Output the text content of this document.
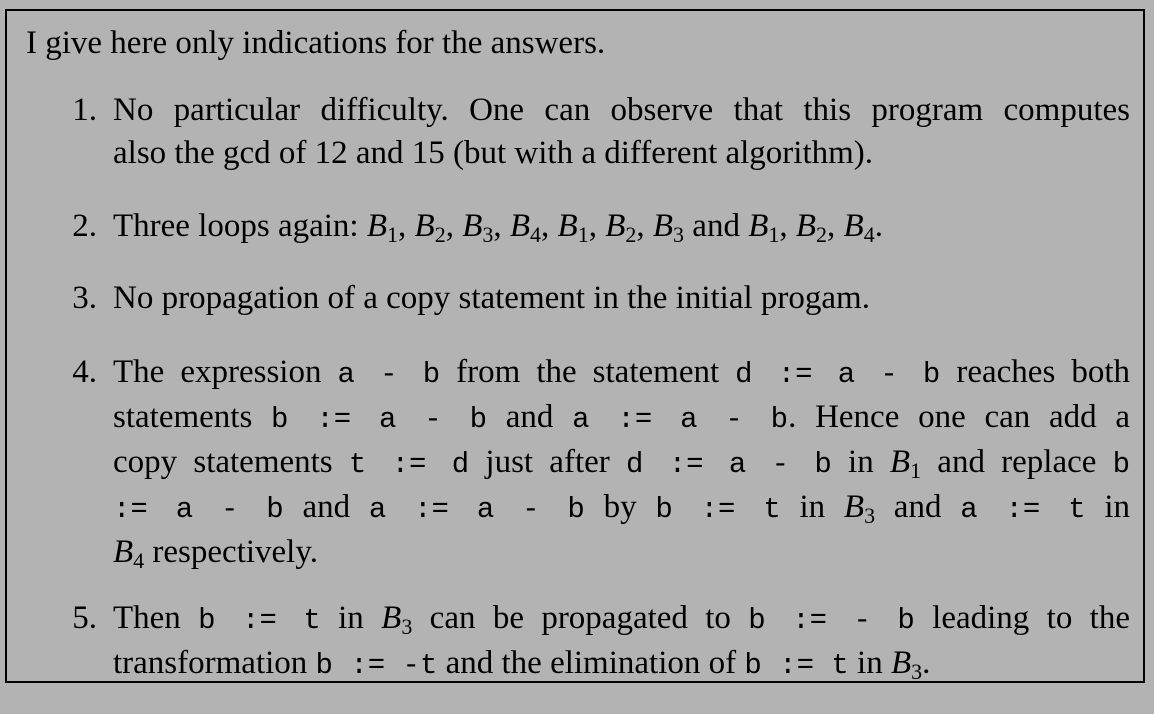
I give here only indications for the answers.
1. No particular difficulty. One can observe that this program computes
also the gcd of 12 and 15 (but with a different algorithm).
2. Three loops again: $B_1$, $B_2$, $B_3$, $B_4$, $B_1$, $B_2$, $B_3$ and $B_1$, $B_2$, $B_4$.
3. No propagation of a copy statement in the initial progam.
4. The expression a - b from the statement d := a - b reaches both
statements b := a - b and a := a - b. Hence one can add a
copy statements t := d just after d := a - b in $B_1$ and replace b
:= a - b and a := a - b by b := t in $B_3$ and a := t in
$B_4$ respectively.
5. Then b := t in $B_3$ can be propagated to b := - b leading to the
transformation b := -t and the elimination of b := t in $B_3$.
